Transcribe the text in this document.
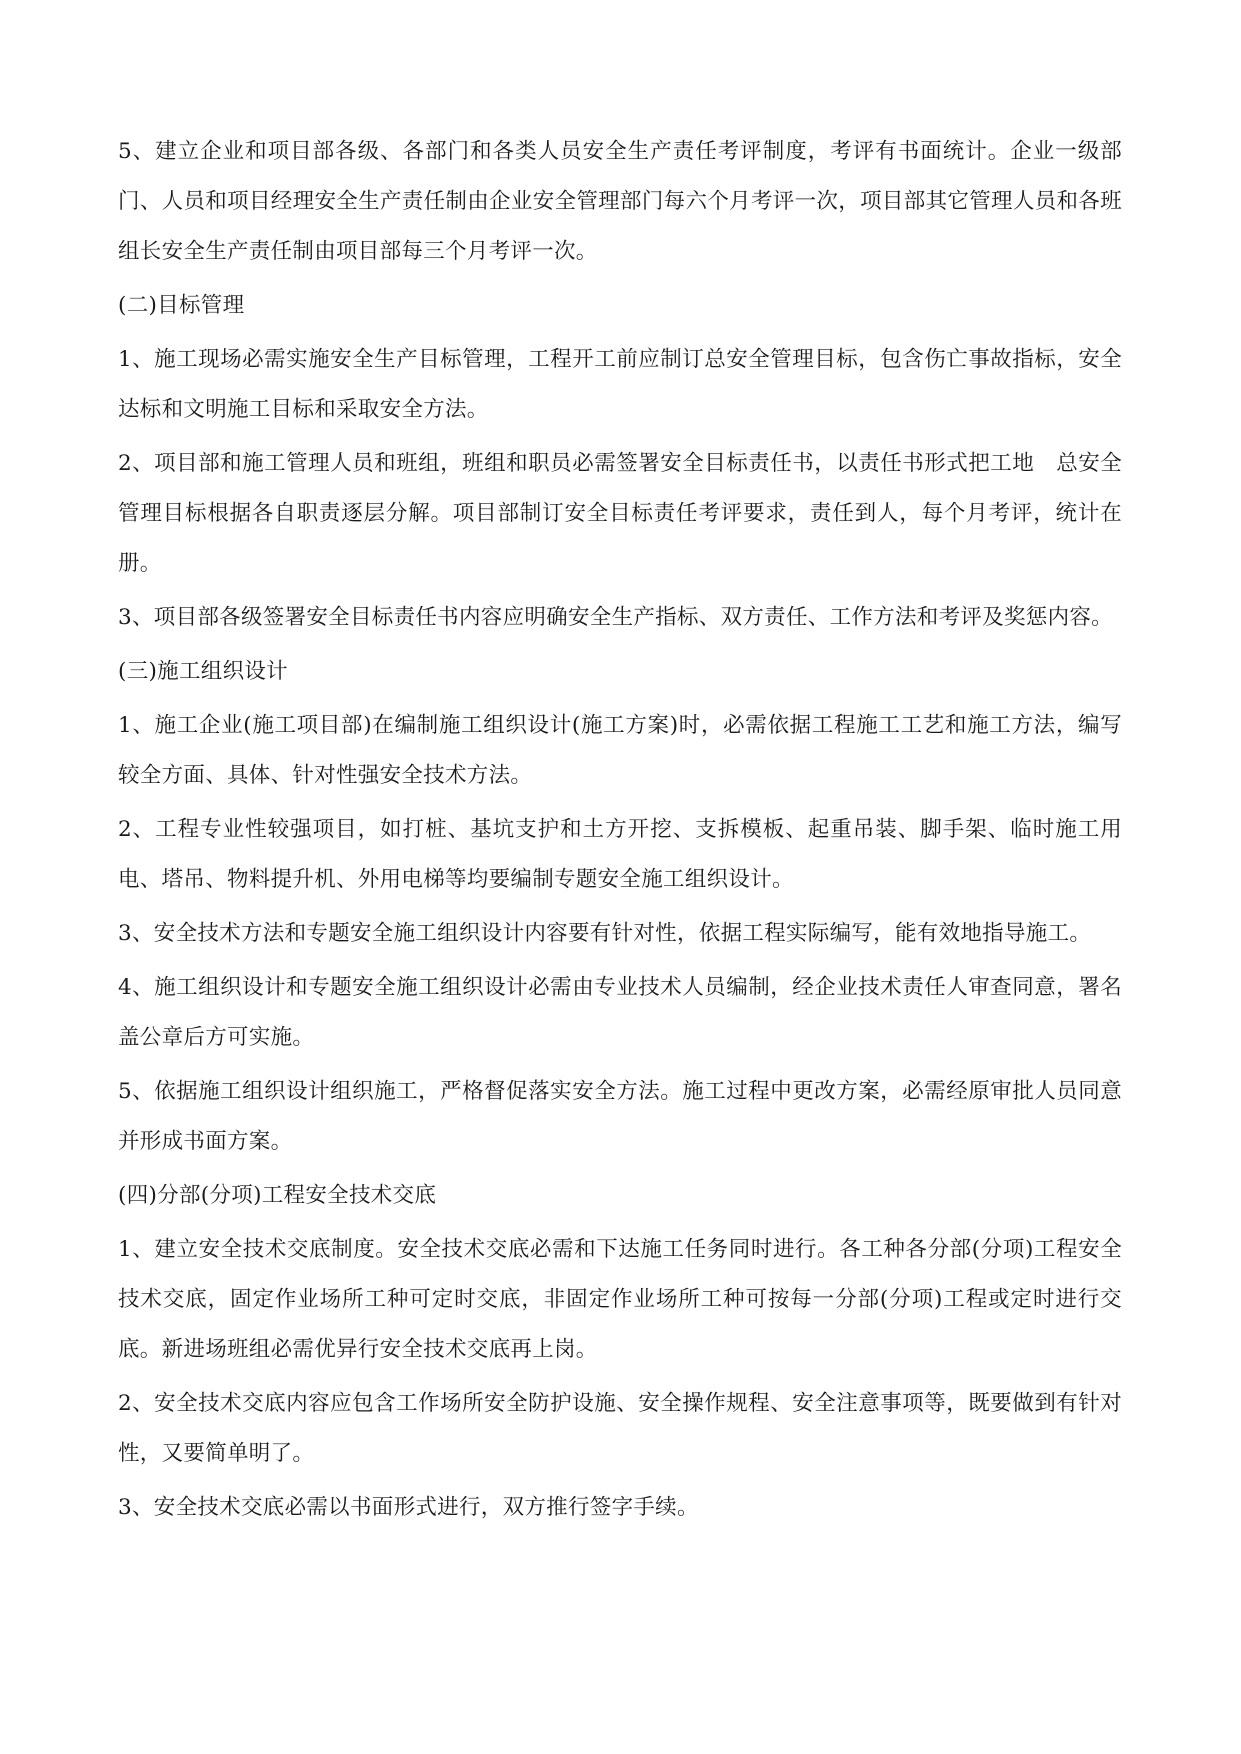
5、建立企业和项目部各级、各部门和各类人员安全生产责任考评制度，考评有书面统计。企业一级部门、人员和项目经理安全生产责任制由企业安全管理部门每六个月考评一次，项目部其它管理人员和各班组长安全生产责任制由项目部每三个月考评一次。

(二)目标管理

1、施工现场必需实施安全生产目标管理，工程开工前应制订总安全管理目标，包含伤亡事故指标，安全达标和文明施工目标和采取安全方法。

2、项目部和施工管理人员和班组，班组和职员必需签署安全目标责任书，以责任书形式把工地　总安全管理目标根据各自职责逐层分解。项目部制订安全目标责任考评要求，责任到人，每个月考评，统计在册。

3、项目部各级签署安全目标责任书内容应明确安全生产指标、双方责任、工作方法和考评及奖惩内容。

(三)施工组织设计

1、施工企业(施工项目部)在编制施工组织设计(施工方案)时，必需依据工程施工工艺和施工方法，编写较全方面、具体、针对性强安全技术方法。

2、工程专业性较强项目，如打桩、基坑支护和土方开挖、支拆模板、起重吊装、脚手架、临时施工用电、塔吊、物料提升机、外用电梯等均要编制专题安全施工组织设计。

3、安全技术方法和专题安全施工组织设计内容要有针对性，依据工程实际编写，能有效地指导施工。

4、施工组织设计和专题安全施工组织设计必需由专业技术人员编制，经企业技术责任人审查同意，署名盖公章后方可实施。

5、依据施工组织设计组织施工，严格督促落实安全方法。施工过程中更改方案，必需经原审批人员同意并形成书面方案。

(四)分部(分项)工程安全技术交底

1、建立安全技术交底制度。安全技术交底必需和下达施工任务同时进行。各工种各分部(分项)工程安全技术交底，固定作业场所工种可定时交底，非固定作业场所工种可按每一分部(分项)工程或定时进行交底。新进场班组必需优异行安全技术交底再上岗。

2、安全技术交底内容应包含工作场所安全防护设施、安全操作规程、安全注意事项等，既要做到有针对性，又要简单明了。

3、安全技术交底必需以书面形式进行，双方推行签字手续。
